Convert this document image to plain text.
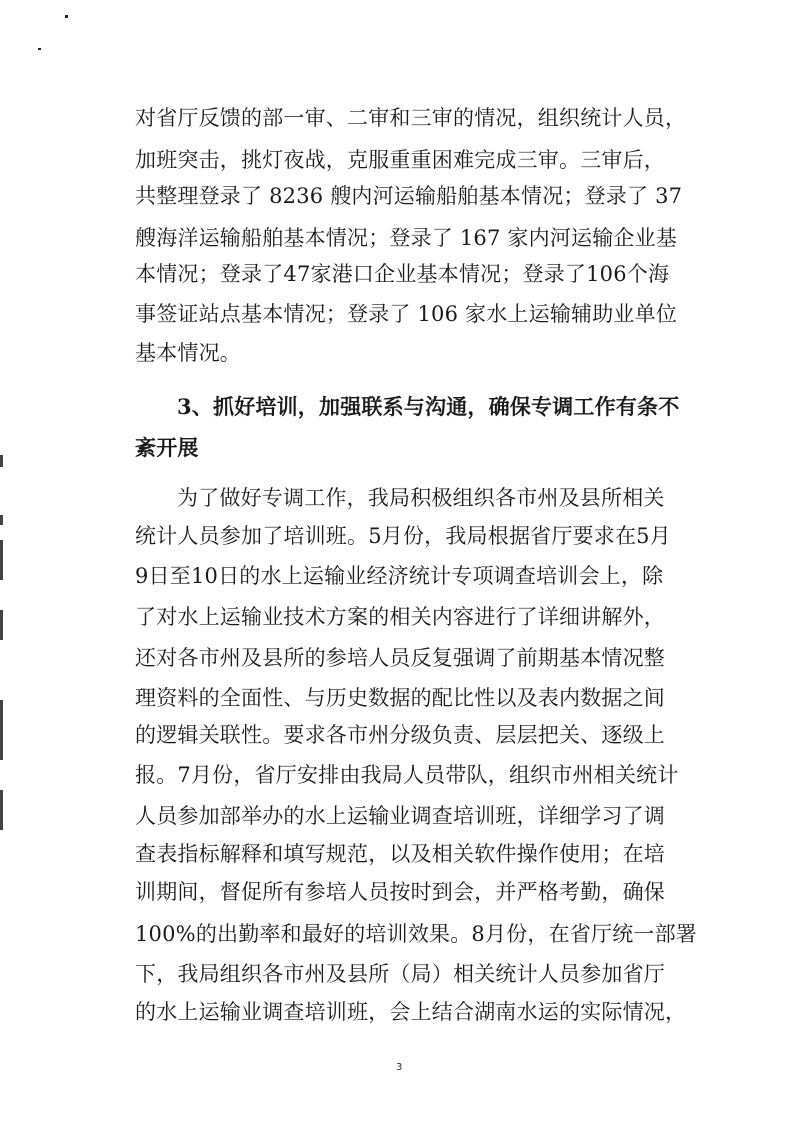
对省厅反馈的部一审、二审和三审的情况，组织统计人员，
加班突击，挑灯夜战，克服重重困难完成三审。三审后，
共整理登录了 8236 艘内河运输船舶基本情况；登录了 37
艘海洋运输船舶基本情况；登录了 167 家内河运输企业基
本情况；登录了47家港口企业基本情况；登录了106个海
事签证站点基本情况；登录了 106 家水上运输辅助业单位
基本情况。
3、抓好培训，加强联系与沟通，确保专调工作有条不
紊开展
为了做好专调工作，我局积极组织各市州及县所相关
统计人员参加了培训班。5月份，我局根据省厅要求在5月
9日至10日的水上运输业经济统计专项调查培训会上，除
了对水上运输业技术方案的相关内容进行了详细讲解外，
还对各市州及县所的参培人员反复强调了前期基本情况整
理资料的全面性、与历史数据的配比性以及表内数据之间
的逻辑关联性。要求各市州分级负责、层层把关、逐级上
报。7月份，省厅安排由我局人员带队，组织市州相关统计
人员参加部举办的水上运输业调查培训班，详细学习了调
查表指标解释和填写规范，以及相关软件操作使用；在培
训期间，督促所有参培人员按时到会，并严格考勤，确保
100%的出勤率和最好的培训效果。8月份，在省厅统一部署
下，我局组织各市州及县所（局）相关统计人员参加省厅
的水上运输业调查培训班，会上结合湖南水运的实际情况，
3
